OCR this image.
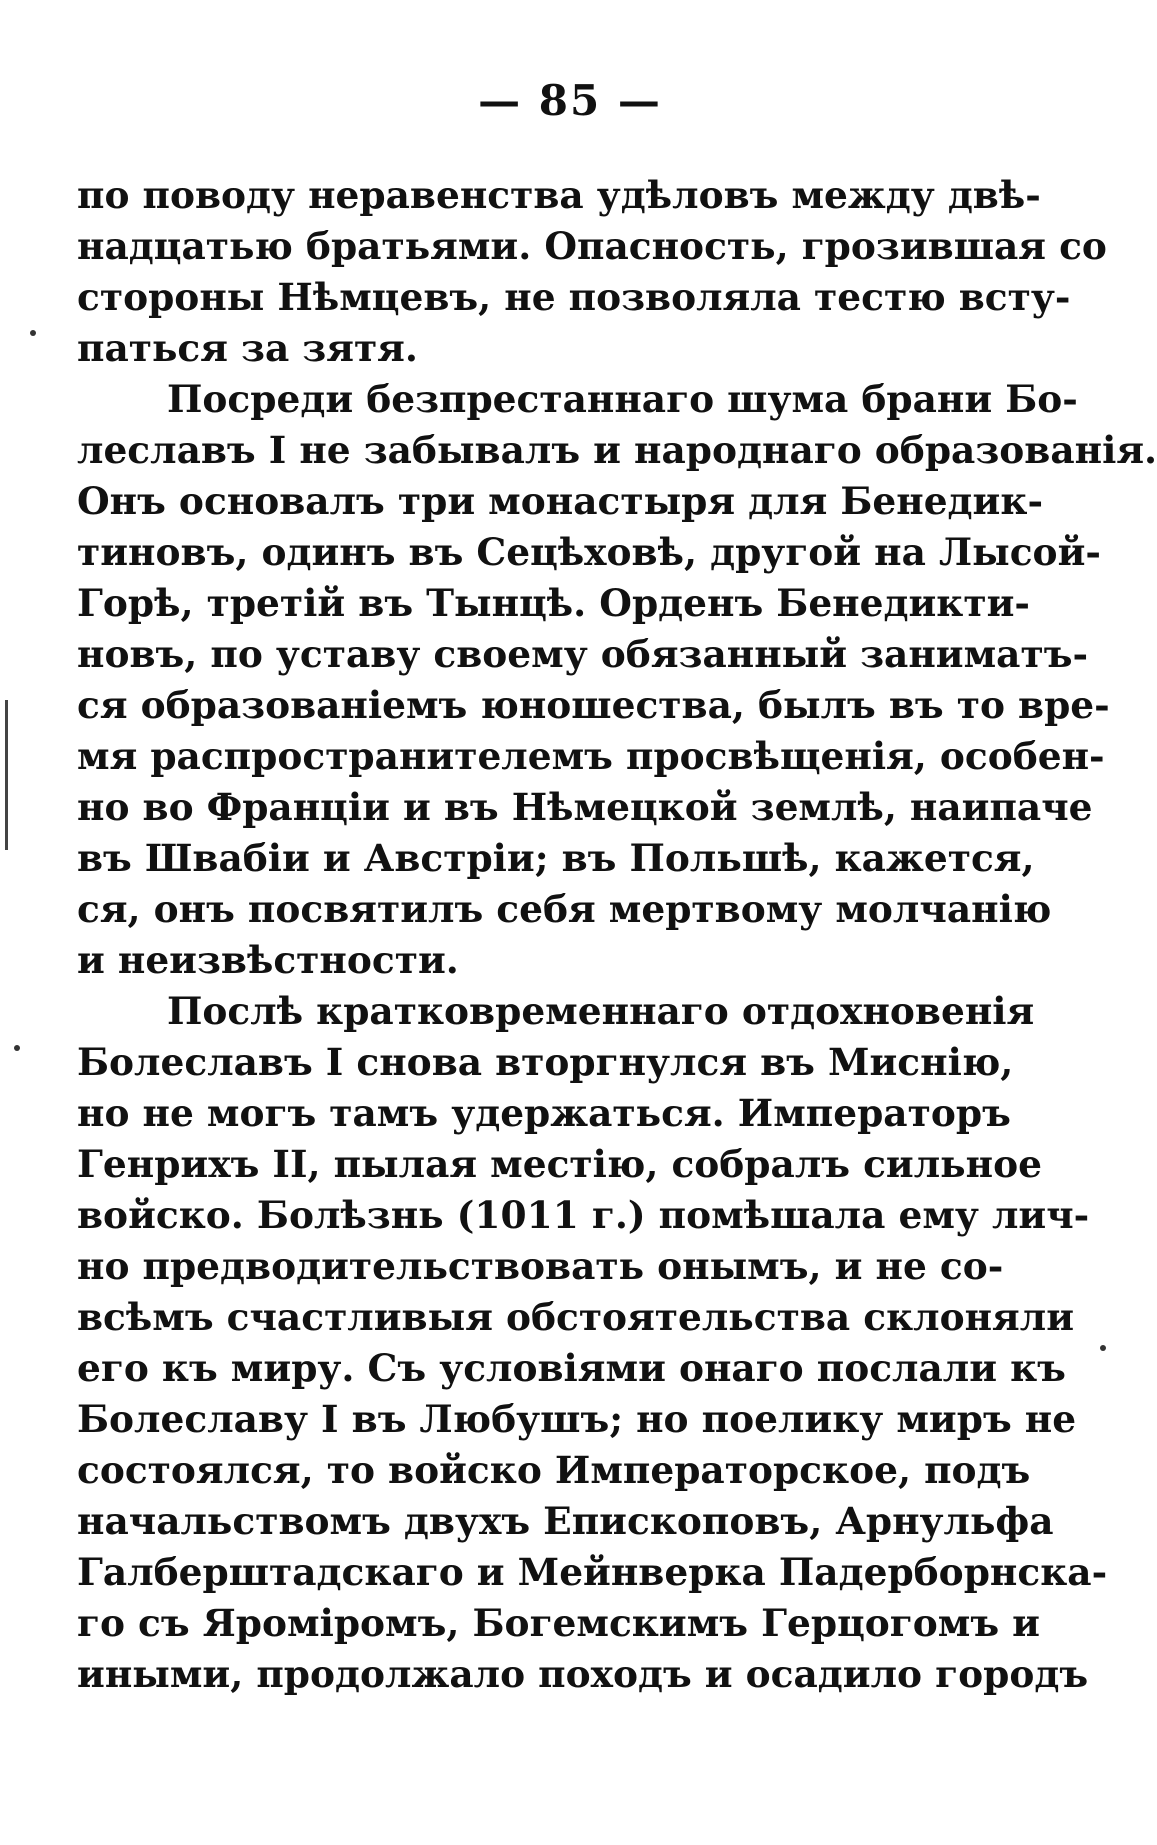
— 85 —
по поводу неравенства удѣловъ между двѣ-
надцатью братьями. Опасность, грозившая со
стороны Нѣмцевъ, не позволяла тестю всту-
паться за зятя.
Посреди безпрестаннаго шума брани Бо-
леславъ I не забывалъ и народнаго образованія.
Онъ основалъ три монастыря для Бенедик-
тиновъ, одинъ въ Сецѣховѣ, другой на Лысой-
Горѣ, третій въ Тынцѣ. Орденъ Бенедикти-
новъ, по уставу своему обязанный заниматъ-
ся образованіемъ юношества, былъ въ то вре-
мя распространителемъ просвѣщенія, особен-
но во Франціи и въ Нѣмецкой землѣ, наипаче
въ Швабіи и Австріи; въ Польшѣ, кажется,
ся, онъ посвятилъ себя мертвому молчанію
и неизвѣстности.
Послѣ кратковременнаго отдохновенія
Болеславъ I снова вторгнулся въ Миснію,
но не могъ тамъ удержаться. Императоръ
Генрихъ II, пылая местію, собралъ сильное
войско. Болѣзнь (1011 г.) помѣшала ему лич-
но предводительствовать онымъ, и не со-
всѣмъ счастливыя обстоятельства склоняли
его къ миру. Съ условіями онаго послали къ
Болеславу I въ Любушъ; но поелику миръ не
состоялся, то войско Императорское, подъ
начальствомъ двухъ Епископовъ, Арнульфа
Галберштадскаго и Мейнверка Падерборнска-
го съ Яроміромъ, Богемскимъ Герцогомъ и
иными, продолжало походъ и осадило городъ
